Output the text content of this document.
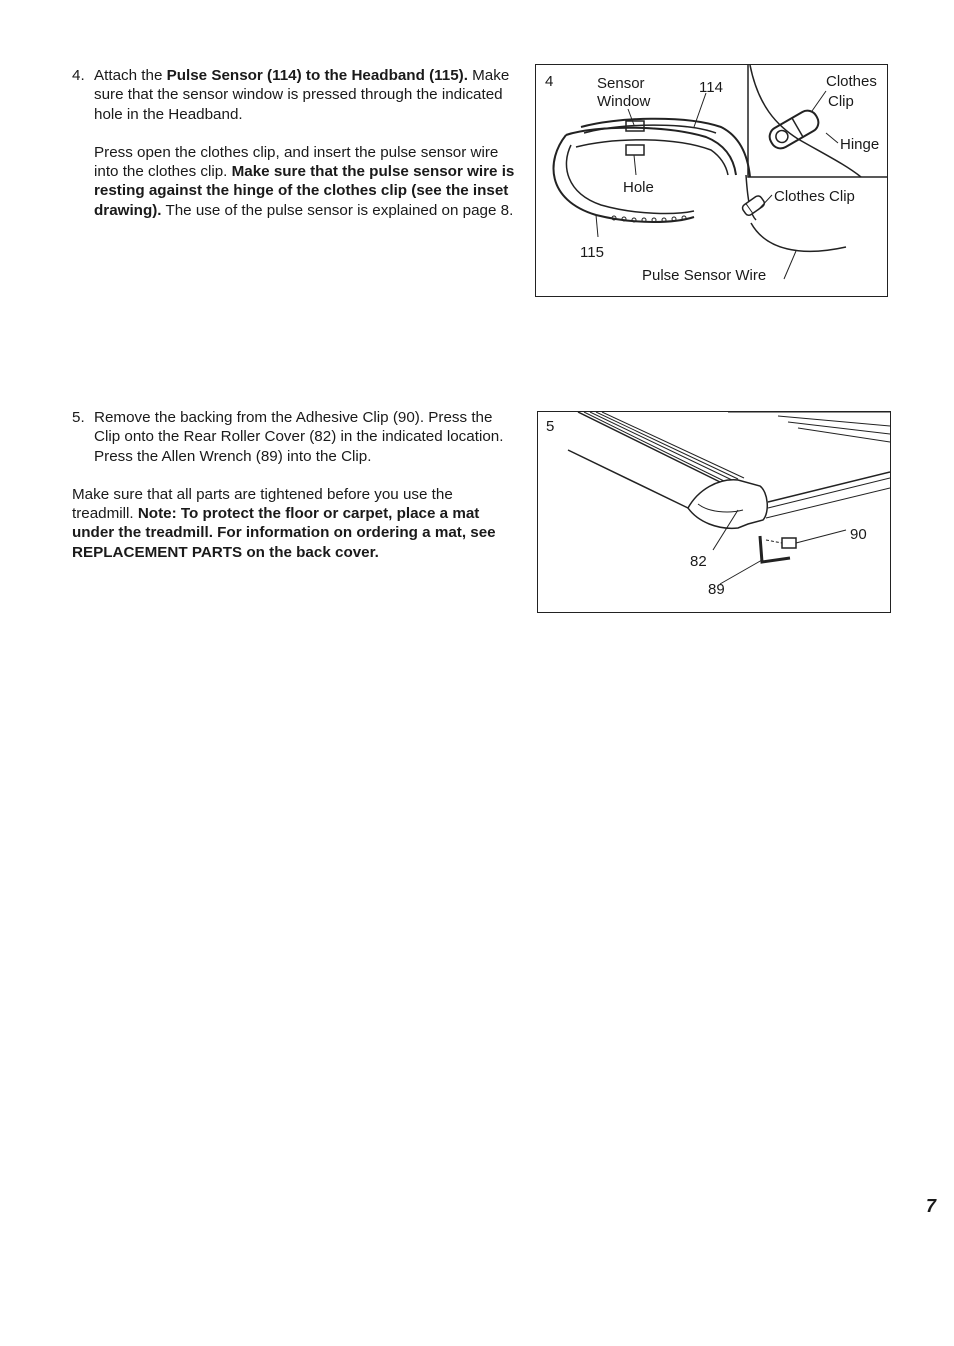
4. Attach the Pulse Sensor (114) to the Headband (115). Make sure that the sensor window is pressed through the indicated hole in the Headband.

Press open the clothes clip, and insert the pulse sensor wire into the clothes clip. Make sure that the pulse sensor wire is resting against the hinge of the clothes clip (see the inset drawing). The use of the pulse sensor is explained on page 8.

4	Sensor
Window
114
Hole
115
Clothes
Clip
Hinge
Clothes Clip
Pulse Sensor Wire
5. Remove the backing from the Adhesive Clip (90). Press the Clip onto the Rear Roller Cover (82) in the indicated location. Press the Allen Wrench (89) into the Clip.

Make sure that all parts are tightened before you use the treadmill. Note: To protect the floor or carpet, place a mat under the treadmill. For information on ordering a mat, see REPLACEMENT PARTS on the back cover.

5
90
82
89
7
